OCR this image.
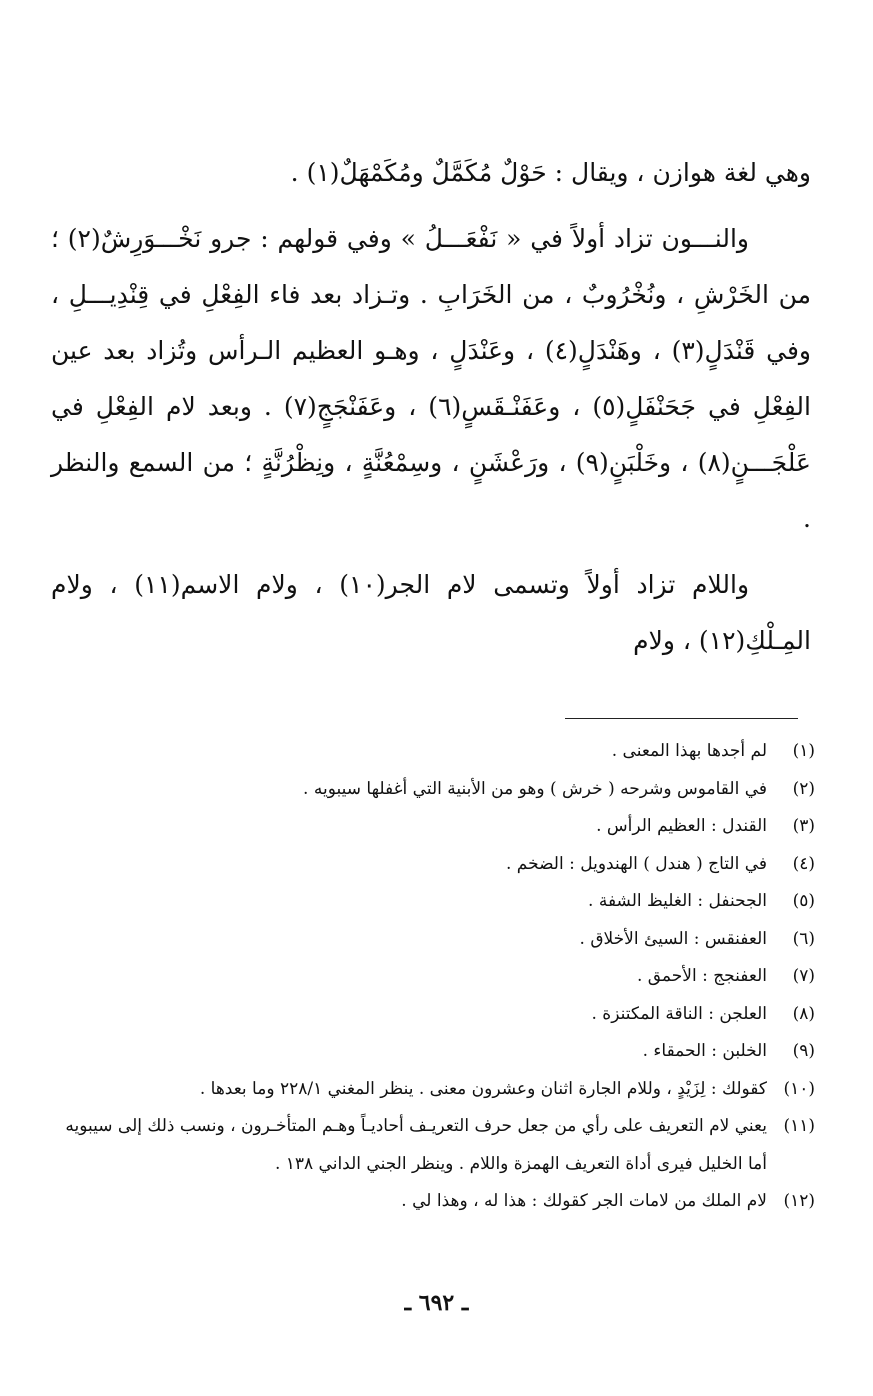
وهي لغة هوازن ، ويقال : حَوْلٌ مُكَمَّلٌ ومُكَمْهَلٌ(١) .

والنـــون تزاد أولاً في « نَفْعَـــلُ » وفي قولهم : جرو نَخْـــوَرِشٌ(٢) ؛ من الخَرْشِ ، ونُخْرُوبٌ ، من الخَرَابِ . وتـزاد بعد فاء الفِعْلِ في قِنْدِيـــلِ ، وفي قَنْدَلٍ(٣) ، وهَنْدَلٍ(٤) ، وعَنْدَلٍ ، وهـو العظيم الـرأس وتُزاد بعد عين الفِعْلِ في جَحَنْفَلٍ(٥) ، وعَفَنْـقَسٍ(٦) ، وعَفَنْجَجٍ(٧) . وبعد لام الفِعْلِ في عَلْجَـــنٍ(٨) ، وخَلْبَنٍ(٩) ، ورَعْشَنٍ ، وسِمْعُنَّةٍ ، ونِظْرُنَّةٍ ؛ من السمع والنظر .

واللام تزاد أولاً وتسمى لام الجر(١٠) ، ولام الاسم(١١) ، ولام المِـلْكِ(١٢) ، ولام

(١)
لم أجدها بهذا المعنى .
(٢)
في القاموس وشرحه ( خرش ) وهو من الأبنية التي أغفلها سيبويه .
(٣)
القندل : العظيم الرأس .
(٤)
في التاج ( هندل ) الهندويل : الضخم .
(٥)
الجحنفل : الغليظ الشفة .
(٦)
العفنقس : السيئ الأخلاق .
(٧)
العفنجج : الأحمق .
(٨)
العلجن : الناقة المكتنزة .
(٩)
الخلبن : الحمقاء .
(١٠)
كقولك : لِزَيْدٍ ، وللام الجارة اثنان وعشرون معنى . ينظر المغني ٢٢٨/١ وما بعدها .
(١١)
يعني لام التعريف على رأي من جعل حرف التعريـف أحاديـاً وهـم المتأخـرون ، ونسب ذلك إلى سيبويه أما الخليل فيرى أداة التعريف الهمزة واللام . وينظر الجني الداني ١٣٨ .
(١٢)
لام الملك من لامات الجر كقولك : هذا له ، وهذا لي .
ـ ٦٩٢ ـ
